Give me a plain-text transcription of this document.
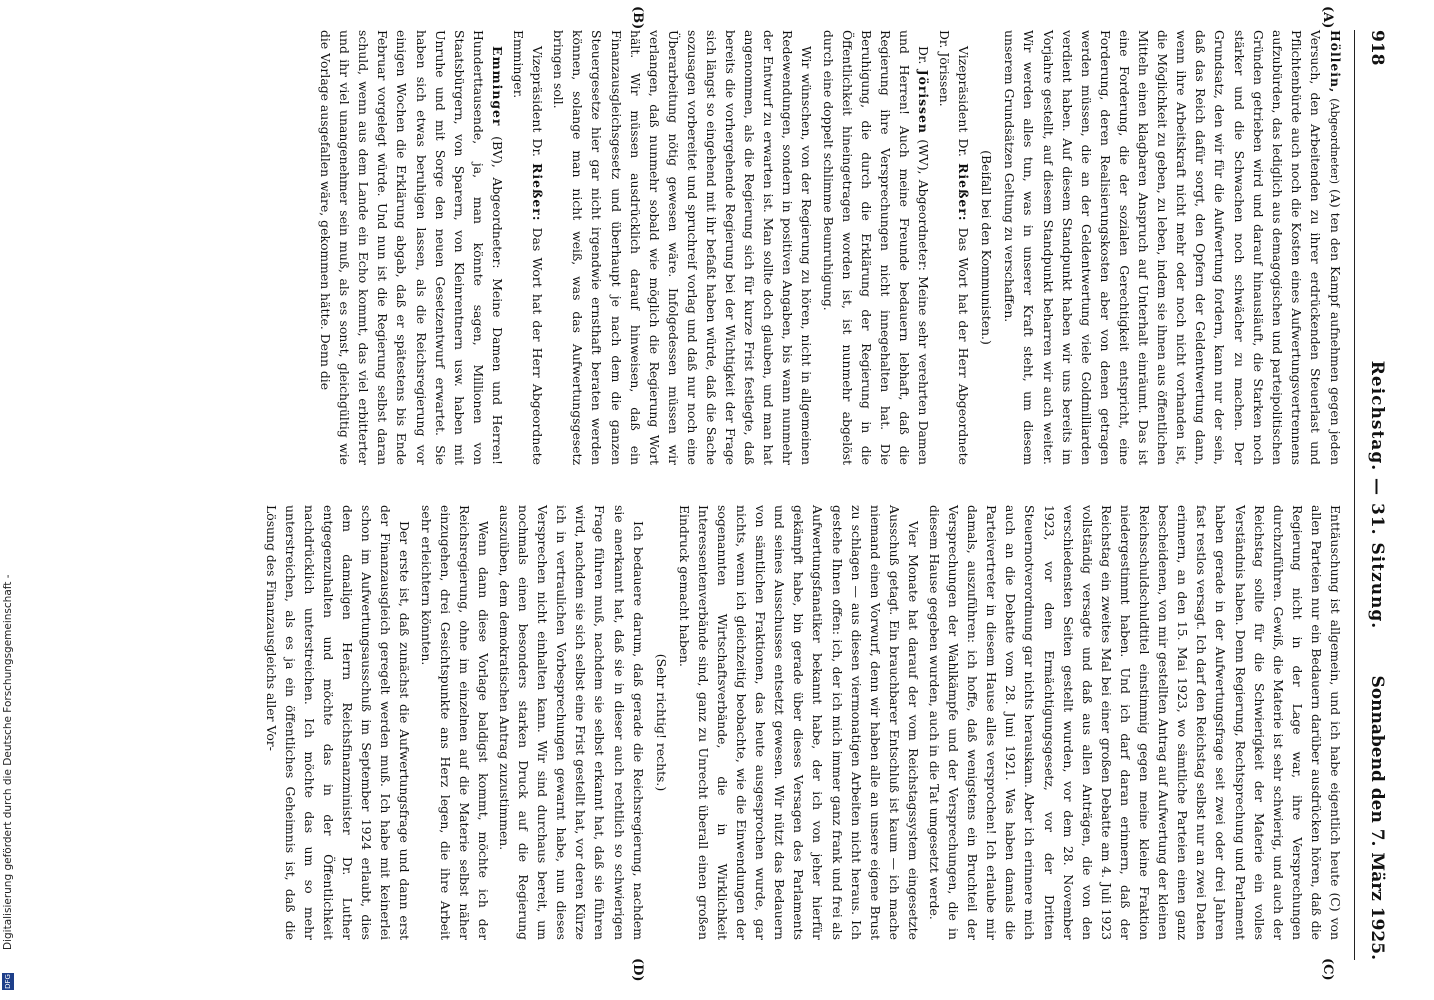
918
Reichstag. — 31. Sitzung.
Sonnabend den 7. März 1925.

Höllein, (Abgeordneter) (A) ten den Kampf aufnehmen gegen jeden Versuch, den Arbeitenden zu ihrer erdrückenden Steuerlast und Pflichtenbürde auch noch die Kosten eines Aufwertungsvertrennens aufzubürden, das lediglich aus demagogischen und parteipolitischen Gründen getrieben wird und darauf hinausläuft, die Starken noch stärker und die Schwachen noch schwächer zu machen. Der Grundsatz, den wir für die Aufwertung fordern, kann nur der sein, daß das Reich dafür sorgt, den Opfern der Geldentwertung dann, wenn ihre Arbeitskraft nicht mehr oder noch nicht vorhanden ist, die Möglichkeit zu geben, zu leben, indem sie ihnen aus öffentlichen Mitteln einen klagbaren Anspruch auf Unterhalt einräumt. Das ist eine Forderung, die der sozialen Gerechtigkeit entspricht, eine Forderung, deren Realisierungskosten aber von denen getragen werden müssen, die an der Geldentwertung viele Goldmilliarden verdient haben. Auf diesem Standpunkt haben wir uns bereits im Vorjahre gestellt, auf diesem Standpunkt beharren wir auch weiter. Wir werden alles tun, was in unserer Kraft steht, um diesem unserem Grundsätzen Geltung zu verschaffen.

(Beifall bei den Kommunisten.)

Vizepräsident Dr. Rießer: Das Wort hat der Herr Abgeordnete Dr. Jörissen.

Dr. Jörissen (WV), Abgeordneter: Meine sehr verehrten Damen und Herren! Auch meine Freunde bedauern lebhaft, daß die Regierung ihre Versprechungen nicht innegehalten hat. Die Beruhigung, die durch die Erklärung der Regierung in die Öffentlichkeit hineingetragen worden ist, ist nunmehr abgelöst durch eine doppelt schlimme Beunruhigung.

Wir wünschen, von der Regierung zu hören, nicht in allgemeinen Redewendungen, sondern in positiven Angaben, bis wann nunmehr der Entwurf zu erwarten ist. Man sollte doch glauben, und man hat angenommen, als die Regierung sich für kurze Frist festlegte, daß bereits die vorhergehende Regierung bei der Wichtigkeit der Frage sich längst so eingehend mit ihr befaßt haben würde, daß die Sache sozusagen vorbereitet und spruchreif vorlag und daß nur noch eine Überarbeitung nötig gewesen wäre. Infolgedessen müssen wir verlangen, daß nunmehr sobald wie möglich die Regierung Wort hält. Wir müssen ausdrücklich darauf hinweisen, daß ein Finanzausgleichsgesetz und überhaupt je nach dem die ganzen Steuergesetze hier gar nicht irgendwie ernsthaft beraten werden können, solange man nicht weiß, was das Aufwertungsgesetz bringen soll.

Vizepräsident Dr. Rießer: Das Wort hat der Herr Abgeordnete Emminger.

Emminger (BV), Abgeordneter: Meine Damen und Herren! Hunderttausende, ja, man könnte sagen, Millionen von Staatsbürgern, von Sparern, von Kleinrentnern usw. haben mit Unruhe und mit Sorge den neuen Gesetzentwurf erwartet. Sie haben sich etwas beruhigen lassen, als die Reichsregierung vor einigen Wochen die Erklärung abgab, daß er spätestens bis Ende Februar vorgelegt würde. Und nun ist die Regierung selbst daran schuld, wenn aus dem Lande ein Echo kommt, das viel erbitterter und ihr viel unangenehmer sein muß, als es sonst, gleichgültig wie die Vorlage ausgefallen wäre, gekommen hätte. Denn die

Enttäuschung ist allgemein, und ich habe eigentlich heute (C) von allen Parteien nur ein Bedauern darüber ausdrücken hören, daß die Regierung nicht in der Lage war, ihre Versprechungen durchzuführen. Gewiß, die Materie ist sehr schwierig, und auch der Reichstag sollte für die Schwierigkeit der Materie ein volles Verständnis haben. Denn Regierung, Rechtsprechung und Parlament haben gerade in der Aufwertungsfrage seit zwei oder drei Jahren fast restlos versagt. Ich darf den Reichstag selbst nur an zwei Daten erinnern, an den 15. Mai 1923, wo sämtliche Parteien einen ganz bescheidenen, von mir gestellten Antrag auf Aufwertung der kleinen Reichsschuldschuldtitel einstimmig gegen meine kleine Fraktion niedergestimmt haben. Und ich darf daran erinnern, daß der Reichstag ein zweites Mal bei einer großen Debatte am 4. Juli 1923 vollständig versagte und daß aus allen Anträgen, die von den verschiedensten Seiten gestellt wurden, vor dem 28. November 1923, vor dem Ermächtigungsgesetz, vor der Dritten Steuernotverordnung gar nichts herauskam. Aber ich erinnere mich auch an die Debatte vom 28. Juni 1921. Was haben damals die Parteivertreter in diesem Hause alles versprochen! Ich erlaube mir damals, auszuführen: ich hoffe, daß wenigstens ein Bruchteil der Versprechungen der Wahlkämpfe und der Versprechungen, die in diesem Hause gegeben wurden, auch in die Tat umgesetzt werde.

Vier Monate hat darauf der vom Reichstagssystem eingesetzte Ausschuß getagt. Ein brauchbarer Entschluß ist kaum — ich mache niemand einen Vorwurf, denn wir haben alle an unsere eigene Brust zu schlagen — aus diesen viermonatigen Arbeiten nicht heraus. Ich gestehe Ihnen offen: ich, der ich mich immer ganz frank und frei als Aufwertungsfanatiker bekannt habe, der ich von jeher hierfür gekämpft habe, bin gerade über dieses Versagen des Parlaments und seines Ausschusses entsetzt gewesen. Wir nützt das Bedauern von sämtlichen Fraktionen, das heute ausgesprochen wurde, gar nichts, wenn ich gleichzeitig beobachte, wie die Einwendungen der sogenannten Wirtschaftsverbände, die in Wirklichkeit Interessentenverbände sind, ganz zu Unrecht überall einen großen Eindruck gemacht haben.

(Sehr richtig! rechts.)

Ich bedauere darum, daß gerade die Reichsregierung, nachdem sie anerkannt hat, daß sie in dieser auch rechtlich so schwierigen Frage führen muß, nachdem sie selbst erkannt hat, daß sie führen wird, nachdem sie sich selbst eine Frist gestellt hat, vor deren Kürze ich in vertraulichen Vorbesprechungen gewarnt habe, nun dieses Versprechen nicht einhalten kann. Wir sind durchaus bereit, um nochmals einen besonders starken Druck auf die Regierung auszuüben, dem demokratischen Antrag zuzustimmen.

Wenn dann diese Vorlage baldigst kommt, möchte ich der Reichsregierung, ohne im einzelnen auf die Materie selbst näher einzugehen, drei Gesichtspunkte ans Herz legen, die ihre Arbeit sehr erleichtern könnten.

Der erste ist, daß zunächst die Aufwertungsfrage und dann erst der Finanzausgleich geregelt werden muß. Ich habe mit keinerlei schon im Aufwertungsausschuß im September 1924 erlaubt, dies dem damaligen Herrn Reichsfinanzminister Dr. Luther entgegenzuhalten und möchte das in der Öffentlichkeit nachdrücklich unterstreichen. Ich möchte das um so mehr unterstreichen, als es ja ein öffentliches Geheimnis ist, daß die Lösung des Finanzausgleichs aller Vor-

(A)
(B)
(C)
(D)
Digitalisierung gefördert durch die Deutsche Forschungsgemeinschaft -
DFG
